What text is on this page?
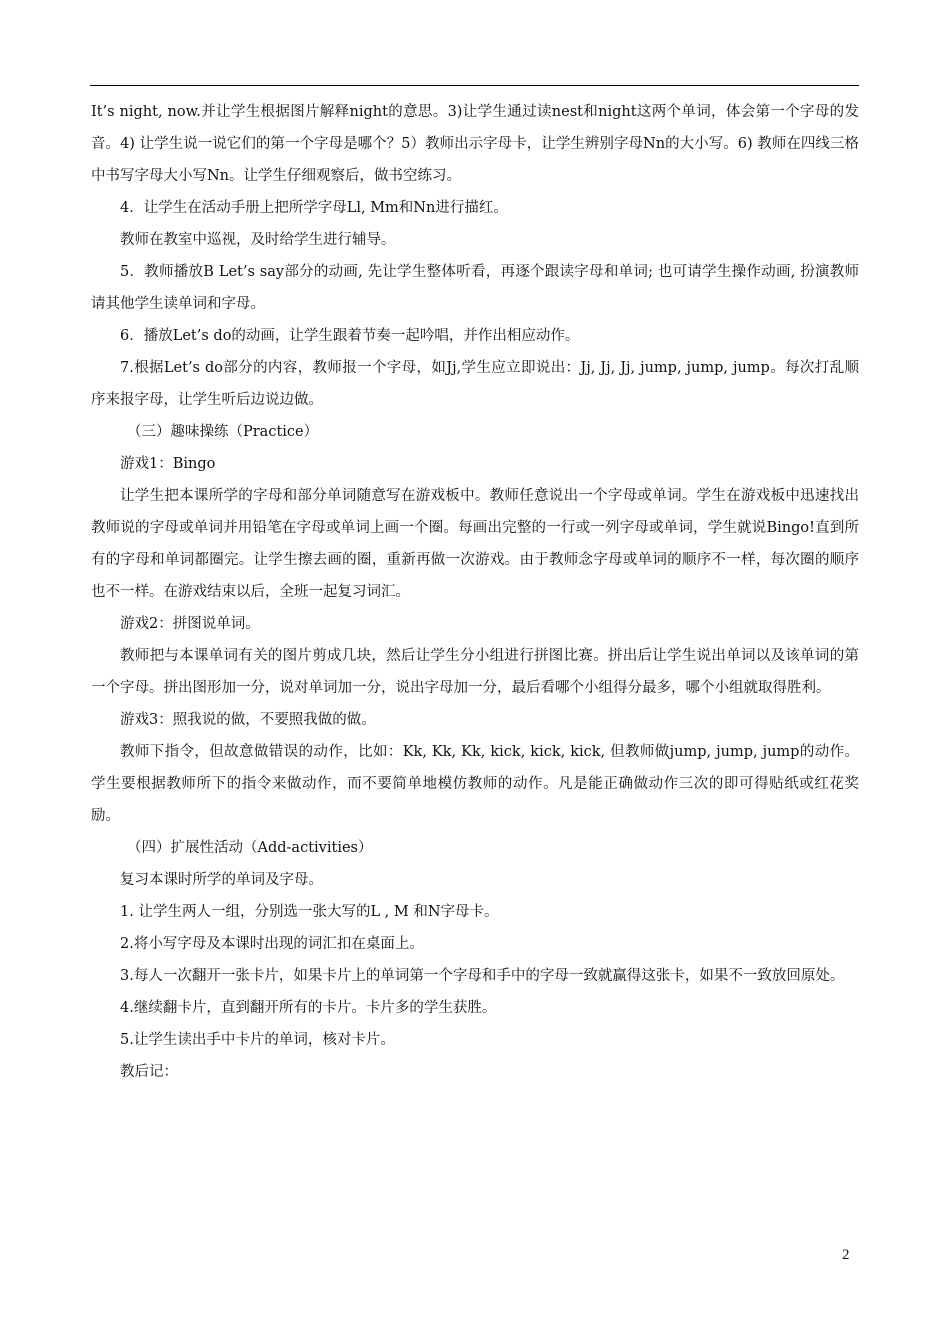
It’s night, now.并让学生根据图片解释night的意思。3)让学生通过读nest和night这两个单词，体会第一个字母的发音。4) 让学生说一说它们的第一个字母是哪个？5）教师出示字母卡，让学生辨别字母Nn的大小写。6) 教师在四线三格中书写字母大小写Nn。让学生仔细观察后，做书空练习。

4．让学生在活动手册上把所学字母Ll, Mm和Nn进行描红。

教师在教室中巡视，及时给学生进行辅导。

5．教师播放B Let’s say部分的动画, 先让学生整体听看，再逐个跟读字母和单词; 也可请学生操作动画, 扮演教师请其他学生读单词和字母。

6．播放Let’s do的动画，让学生跟着节奏一起吟唱，并作出相应动作。

7.根据Let’s do部分的内容，教师报一个字母，如Jj,学生应立即说出：Jj, Jj, Jj, jump, jump, jump。每次打乱顺序来报字母，让学生听后边说边做。

（三）趣味操练（Practice）

游戏1：Bingo

让学生把本课所学的字母和部分单词随意写在游戏板中。教师任意说出一个字母或单词。学生在游戏板中迅速找出教师说的字母或单词并用铅笔在字母或单词上画一个圈。每画出完整的一行或一列字母或单词，学生就说Bingo!直到所有的字母和单词都圈完。让学生擦去画的圈，重新再做一次游戏。由于教师念字母或单词的顺序不一样，每次圈的顺序也不一样。在游戏结束以后，全班一起复习词汇。

游戏2：拼图说单词。

教师把与本课单词有关的图片剪成几块，然后让学生分小组进行拼图比赛。拼出后让学生说出单词以及该单词的第一个字母。拼出图形加一分，说对单词加一分，说出字母加一分，最后看哪个小组得分最多，哪个小组就取得胜利。

游戏3：照我说的做，不要照我做的做。

教师下指令，但故意做错误的动作，比如：Kk, Kk, Kk, kick, kick, kick, 但教师做jump, jump, jump的动作。学生要根据教师所下的指令来做动作，而不要简单地模仿教师的动作。凡是能正确做动作三次的即可得贴纸或红花奖励。

（四）扩展性活动（Add-activities）

复习本课时所学的单词及字母。

1. 让学生两人一组，分别选一张大写的L , M 和N字母卡。

2.将小写字母及本课时出现的词汇扣在桌面上。

3.每人一次翻开一张卡片，如果卡片上的单词第一个字母和手中的字母一致就赢得这张卡，如果不一致放回原处。

4.继续翻卡片，直到翻开所有的卡片。卡片多的学生获胜。

5.让学生读出手中卡片的单词，核对卡片。

教后记：

2
